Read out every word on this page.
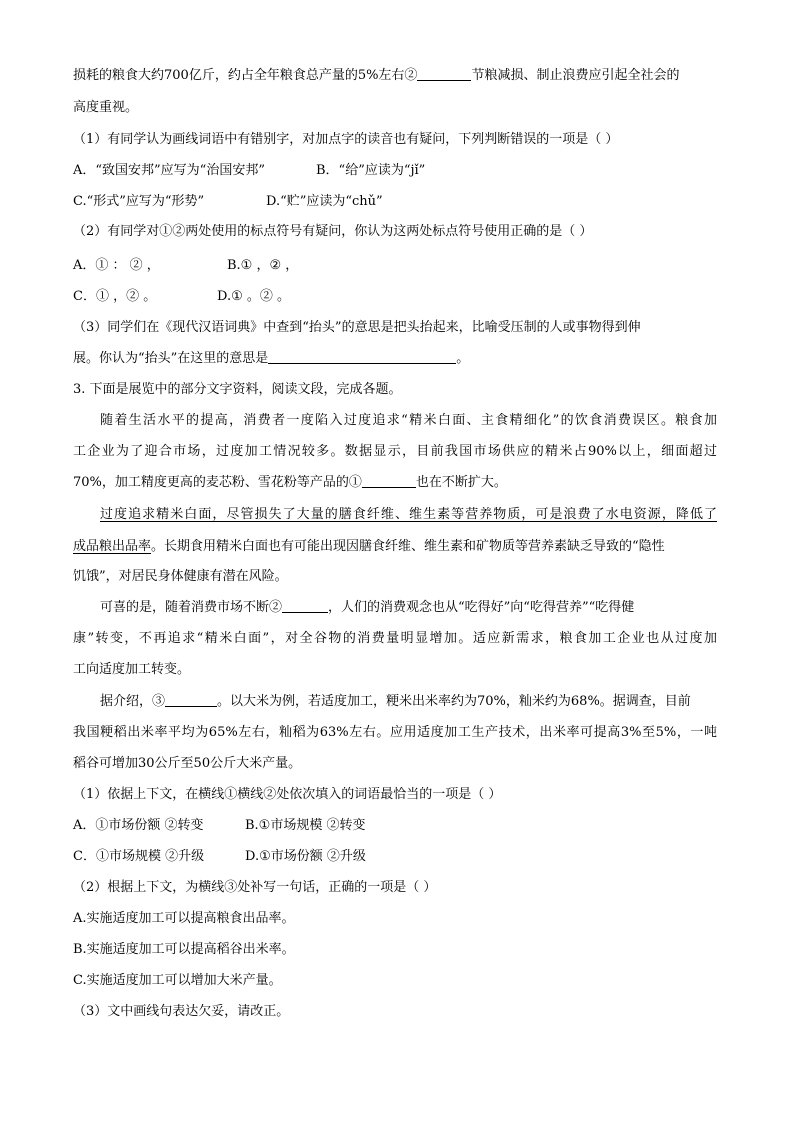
损耗的粮食大约700亿斤，约占全年粮食总产量的5%左右②	节粮减损、制止浪费应引起全社会的
高度重视。
（1）有同学认为画线词语中有错别字，对加点字的读音也有疑问，下列判断错误的一项是（ ）
A．“致国安邦”应写为“治国安邦”	B．“给”应读为“jǐ”
C.“形式”应写为“形势”	D.“贮”应读为“chǔ”
（2）有同学对①②两处使用的标点符号有疑问，你认为这两处标点符号使用正确的是（ ）
A．① ： ② ，	B.① ，② ，
C．① ，② 。	D.① 。② 。
（3）同学们在《现代汉语词典》中查到“抬头”的意思是把头抬起来，比喻受压制的人或事物得到伸
展。你认为“抬头”在这里的意思是	。
3. 下面是展览中的部分文字资料，阅读文段，完成各题。
随着生活水平的提高，消费者一度陷入过度追求“精米白面、主食精细化”的饮食消费误区。粮食加
工企业为了迎合市场，过度加工情况较多。数据显示，目前我国市场供应的精米占90%以上，细面超过
70%，加工精度更高的麦芯粉、雪花粉等产品的①	也在不断扩大。
过度追求精米白面，尽管损失了大量的膳食纤维、维生素等营养物质，可是浪费了水电资源，降低了
成品粮出品率。长期食用精米白面也有可能出现因膳食纤维、维生素和矿物质等营养素缺乏导致的“隐性
饥饿”，对居民身体健康有潜在风险。
可喜的是，随着消费市场不断②	，人们的消费观念也从“吃得好”向“吃得营养”“吃得健
康”转变，不再追求“精米白面”，对全谷物的消费量明显增加。适应新需求，粮食加工企业也从过度加
工向适度加工转变。
据介绍，③	。以大米为例，若适度加工，粳米出米率约为70%，籼米约为68%。据调查，目前
我国粳稻出米率平均为65%左右，籼稻为63%左右。应用适度加工生产技术，出米率可提高3%至5%，一吨
稻谷可增加30公斤至50公斤大米产量。
（1）依据上下文，在横线①横线②处依次填入的词语最恰当的一项是（ ）
A．①市场份额 ②转变	B.①市场规模 ②转变
C．①市场规模 ②升级	D.①市场份额 ②升级
（2）根据上下文，为横线③处补写一句话，正确的一项是（ ）
A.实施适度加工可以提高粮食出品率。
B.实施适度加工可以提高稻谷出米率。
C.实施适度加工可以增加大米产量。
（3）文中画线句表达欠妥，请改正。
